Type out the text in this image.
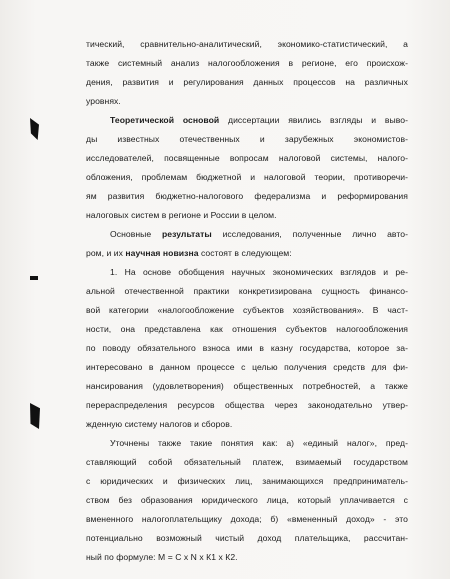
тический, сравнительно-аналитический, экономико-статистический, а
также системный анализ налогообложения в регионе, его происхож-
дения, развития и регулирования данных процессов на различных
уровнях.
Теоретической основой диссертации явились взгляды и выво-
ды известных отечественных и зарубежных экономистов-
исследователей, посвященные вопросам налоговой системы, налого-
обложения, проблемам бюджетной и налоговой теории, противоречи-
ям развития бюджетно-налогового федерализма и реформирования
налоговых систем в регионе и России в целом.
Основные результаты исследования, полученные лично авто-
ром, и их научная новизна состоят в следующем:
1. На основе обобщения научных экономических взглядов и ре-
альной отечественной практики конкретизирована сущность финансо-
вой категории «налогообложение субъектов хозяйствования». В част-
ности, она представлена как отношения субъектов налогообложения
по поводу обязательного взноса ими в казну государства, которое за-
интересовано в данном процессе с целью получения средств для фи-
нансирования (удовлетворения) общественных потребностей, а также
перераспределения ресурсов общества через законодательно утвер-
жденную систему налогов и сборов.
Уточнены также такие понятия как: а) «единый налог», пред-
ставляющий собой обязательный платеж, взимаемый государством
с юридических и физических лиц, занимающихся предприниматель-
ством без образования юридического лица, который уплачивается с
вмененного налогоплательщику дохода; б) «вмененный доход» - это
потенциально возможный чистый доход плательщика, рассчитан-
ный по формуле: М = С х N х К1 х К2.
